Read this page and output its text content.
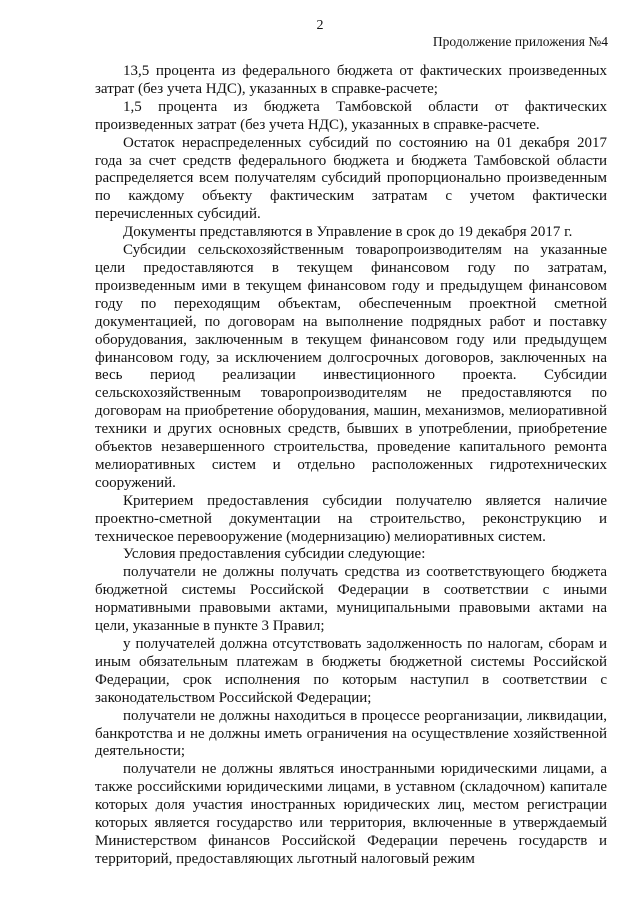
2
Продолжение приложения №4

13,5 процента из федерального бюджета от фактических произведенных затрат (без учета НДС), указанных в справке-расчете;

1,5 процента из бюджета Тамбовской области от фактических произведенных затрат (без учета НДС), указанных в справке-расчете.

Остаток нераспределенных субсидий по состоянию на 01 декабря 2017 года за счет средств федерального бюджета и бюджета Тамбовской области распределяется всем получателям субсидий пропорционально произведенным по каждому объекту фактическим затратам с учетом фактически перечисленных субсидий.

Документы представляются в Управление в срок до 19 декабря 2017 г.

Субсидии сельскохозяйственным товаропроизводителям на указанные цели предоставляются в текущем финансовом году по затратам, произведенным ими в текущем финансовом году и предыдущем финансовом году по переходящим объектам, обеспеченным проектной сметной документацией, по договорам на выполнение подрядных работ и поставку оборудования, заключенным в текущем финансовом году или предыдущем финансовом году, за исключением долгосрочных договоров, заключенных на весь период реализации инвестиционного проекта. Субсидии сельскохозяйственным товаропроизводителям не предоставляются по договорам на приобретение оборудования, машин, механизмов, мелиоративной техники и других основных средств, бывших в употреблении, приобретение объектов незавершенного строительства, проведение капитального ремонта мелиоративных систем и отдельно расположенных гидротехнических сооружений.

Критерием предоставления субсидии получателю является наличие проектно-сметной документации на строительство, реконструкцию и техническое перевооружение (модернизацию) мелиоративных систем.

Условия предоставления субсидии следующие:

получатели не должны получать средства из соответствующего бюджета бюджетной системы Российской Федерации в соответствии с иными нормативными правовыми актами, муниципальными правовыми актами на цели, указанные в пункте 3 Правил;

у получателей должна отсутствовать задолженность по налогам, сборам и иным обязательным платежам в бюджеты бюджетной системы Российской Федерации, срок исполнения по которым наступил в соответствии с законодательством Российской Федерации;

получатели не должны находиться в процессе реорганизации, ликвидации, банкротства и не должны иметь ограничения на осуществление хозяйственной деятельности;

получатели не должны являться иностранными юридическими лицами, а также российскими юридическими лицами, в уставном (складочном) капитале которых доля участия иностранных юридических лиц, местом регистрации которых является государство или территория, включенные в утверждаемый Министерством финансов Российской Федерации перечень государств и территорий, предоставляющих льготный налоговый режим
